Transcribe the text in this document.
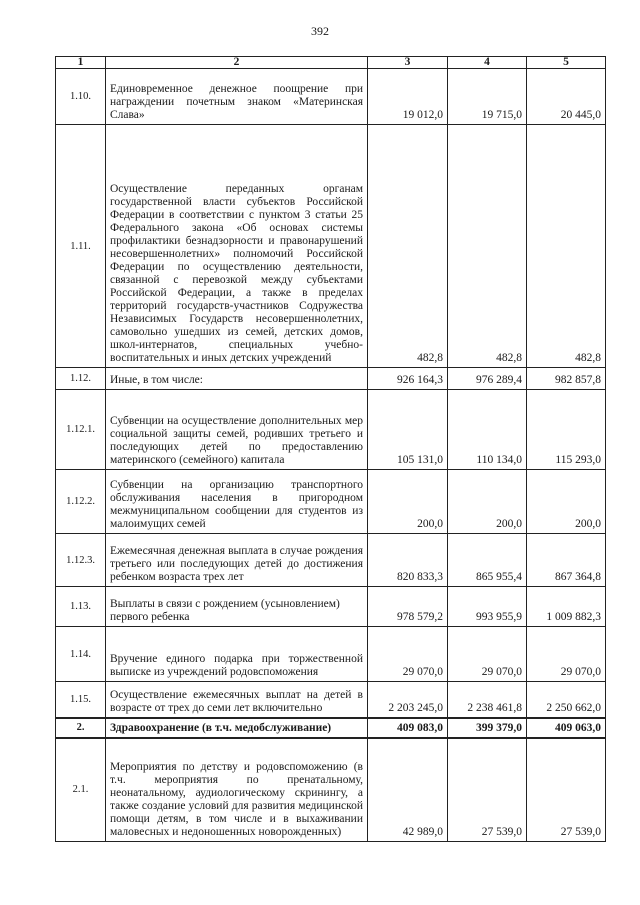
392
1	2	3	4	5
1.10.	Единовременное денежное поощрение при награждении почетным знаком «Материнская Слава»	19 012,0	19 715,0	20 445,0
1.11.	Осуществление переданных органам государственной власти субъектов Российской Федерации в соответствии с пунктом 3 статьи 25 Федерального закона «Об основах системы профилактики безнадзорности и правонарушений несовершеннолетних» полномочий Российской Федерации по осуществлению деятельности, связанной с перевозкой между субъектами Российской Федерации, а также в пределах территорий государств-участников Содружества Независимых Государств несовершеннолетних, самовольно ушедших из семей, детских домов, школ-интернатов, специальных учебно-воспитательных и иных детских учреждений	482,8	482,8	482,8
1.12.	Иные, в том числе:	926 164,3	976 289,4	982 857,8
1.12.1.	Субвенции на осуществление дополнительных мер социальной защиты семей, родивших третьего и последующих детей по предоставлению материнского (семейного) капитала	105 131,0	110 134,0	115 293,0
1.12.2.	Субвенции на организацию транспортного обслуживания населения в пригородном межмуниципальном сообщении для студентов из малоимущих семей	200,0	200,0	200,0
1.12.3.	Ежемесячная денежная выплата в случае рождения третьего или последующих детей до достижения ребенком возраста трех лет	820 833,3	865 955,4	867 364,8
1.13.	Выплаты в связи с рождением (усыновлением) первого ребенка	978 579,2	993 955,9	1 009 882,3
1.14.	Вручение единого подарка при торжественной выписке из учреждений родовспоможения	29 070,0	29 070,0	29 070,0
1.15.	Осуществление ежемесячных выплат на детей в возрасте от трех до семи лет включительно	2 203 245,0	2 238 461,8	2 250 662,0
2.	Здравоохранение (в т.ч. медобслуживание)	409 083,0	399 379,0	409 063,0
2.1.	Мероприятия по детству и родовспоможению (в т.ч. мероприятия по пренатальному, неонатальному, аудиологическому скринингу, а также создание условий для развития медицинской помощи детям, в том числе и в выхаживании маловесных и недоношенных новорожденных)	42 989,0	27 539,0	27 539,0
